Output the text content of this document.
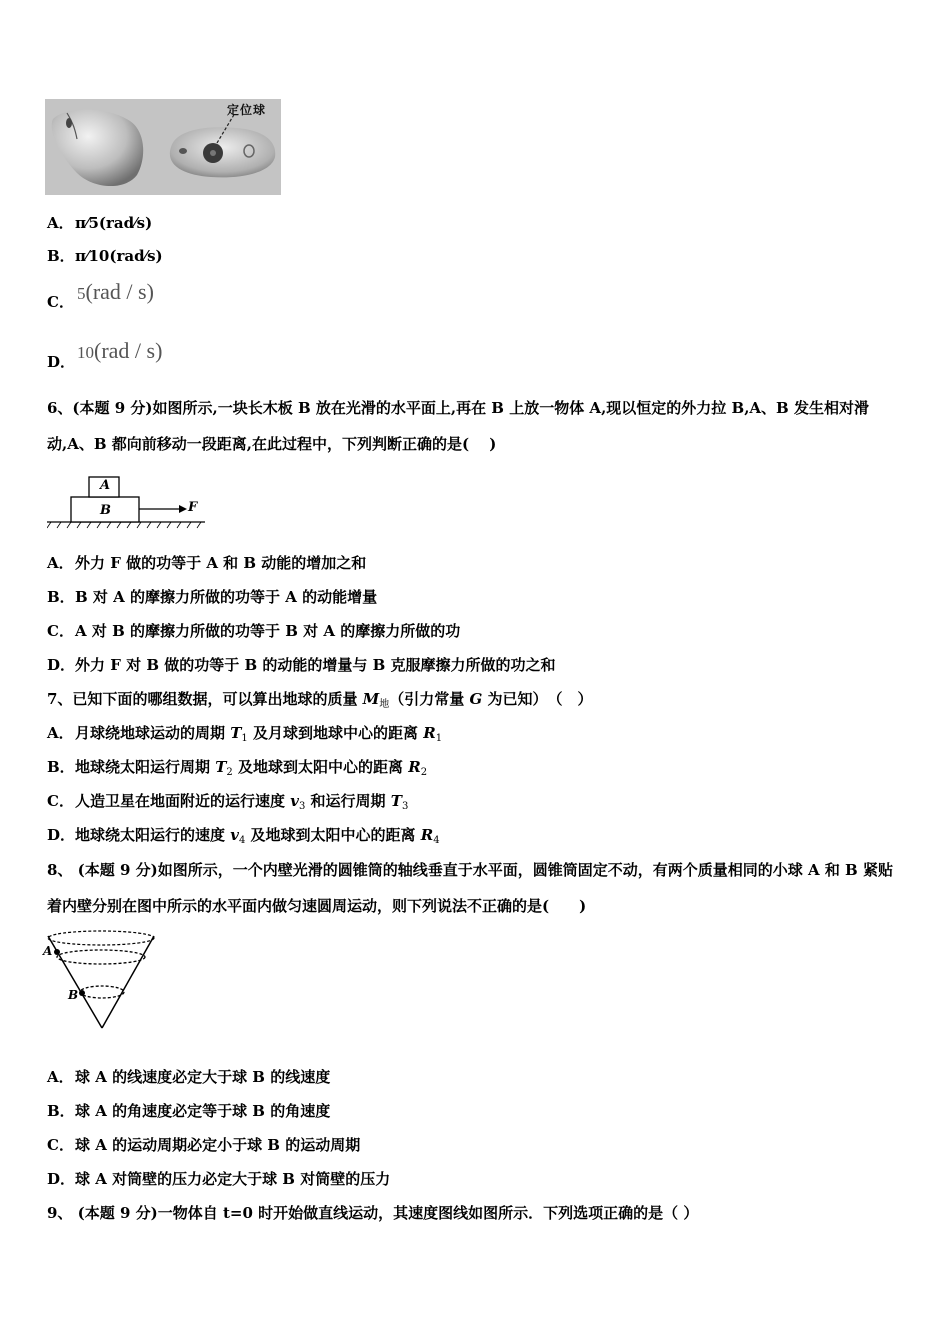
定位球
A．π⁄5(rad⁄s)
B．π⁄10(rad⁄s)
C． 5(rad / s)
D． 10(rad / s)
6、(本题 9 分)如图所示,一块长木板 B 放在光滑的水平面上,再在 B 上放一物体 A,现以恒定的外力拉 B,A、B 发生相对滑动,A、B 都向前移动一段距离,在此过程中，下列判断正确的是(　 )
A
B	F
A．外力 F 做的功等于 A 和 B 动能的增加之和
B．B 对 A 的摩擦力所做的功等于 A 的动能增量
C．A 对 B 的摩擦力所做的功等于 B 对 A 的摩擦力所做的功
D．外力 F 对 B 做的功等于 B 的动能的增量与 B 克服摩擦力所做的功之和
7、已知下面的哪组数据，可以算出地球的质量 $M_地$（引力常量 G 为已知）　（　）
A．月球绕地球运动的周期 $T_1$ 及月球到地球中心的距离 $R_1$
B．地球绕太阳运行周期 $T_2$ 及地球到太阳中心的距离 $R_2$
C．人造卫星在地面附近的运行速度 $v_3$ 和运行周期 $T_3$
D．地球绕太阳运行的速度 $v_4$ 及地球到太阳中心的距离 $R_4$
8、 (本题 9 分)如图所示，一个内壁光滑的圆锥筒的轴线垂直于水平面，圆锥筒固定不动，有两个质量相同的小球 A 和 B 紧贴着内壁分别在图中所示的水平面内做匀速圆周运动，则下列说法不正确的是(　　)
A
B
A．球 A 的线速度必定大于球 B 的线速度
B．球 A 的角速度必定等于球 B 的角速度
C．球 A 的运动周期必定小于球 B 的运动周期
D．球 A 对筒壁的压力必定大于球 B 对筒壁的压力
9、 (本题 9 分)一物体自 t=0 时开始做直线运动，其速度图线如图所示．下列选项正确的是（ ）
